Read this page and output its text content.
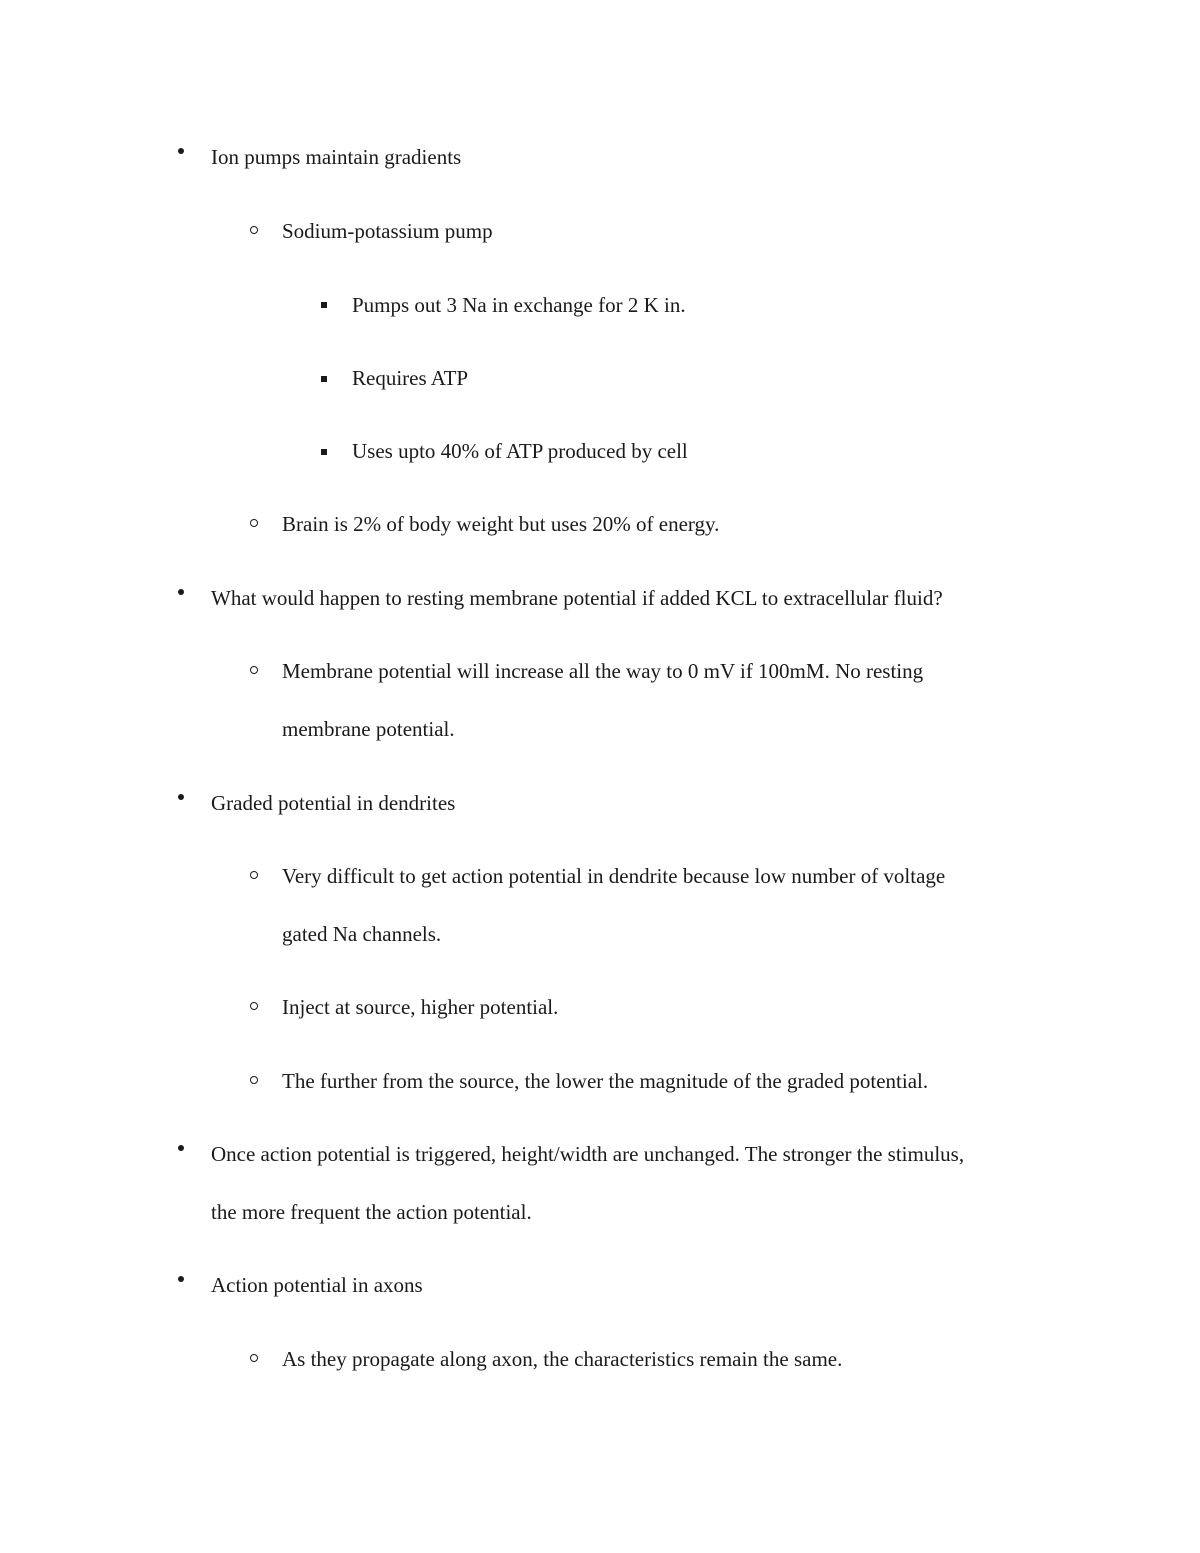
Ion pumps maintain gradients
Sodium-potassium pump
Pumps out 3 Na in exchange for 2 K in.
Requires ATP
Uses upto 40% of ATP produced by cell
Brain is 2% of body weight but uses 20% of energy.
What would happen to resting membrane potential if added KCL to extracellular fluid?
Membrane potential will increase all the way to 0 mV if 100mM. No resting
membrane potential.
Graded potential in dendrites
Very difficult to get action potential in dendrite because low number of voltage
gated Na channels.
Inject at source, higher potential.
The further from the source, the lower the magnitude of the graded potential.
Once action potential is triggered, height/width are unchanged. The stronger the stimulus,
the more frequent the action potential.
Action potential in axons
As they propagate along axon, the characteristics remain the same.
